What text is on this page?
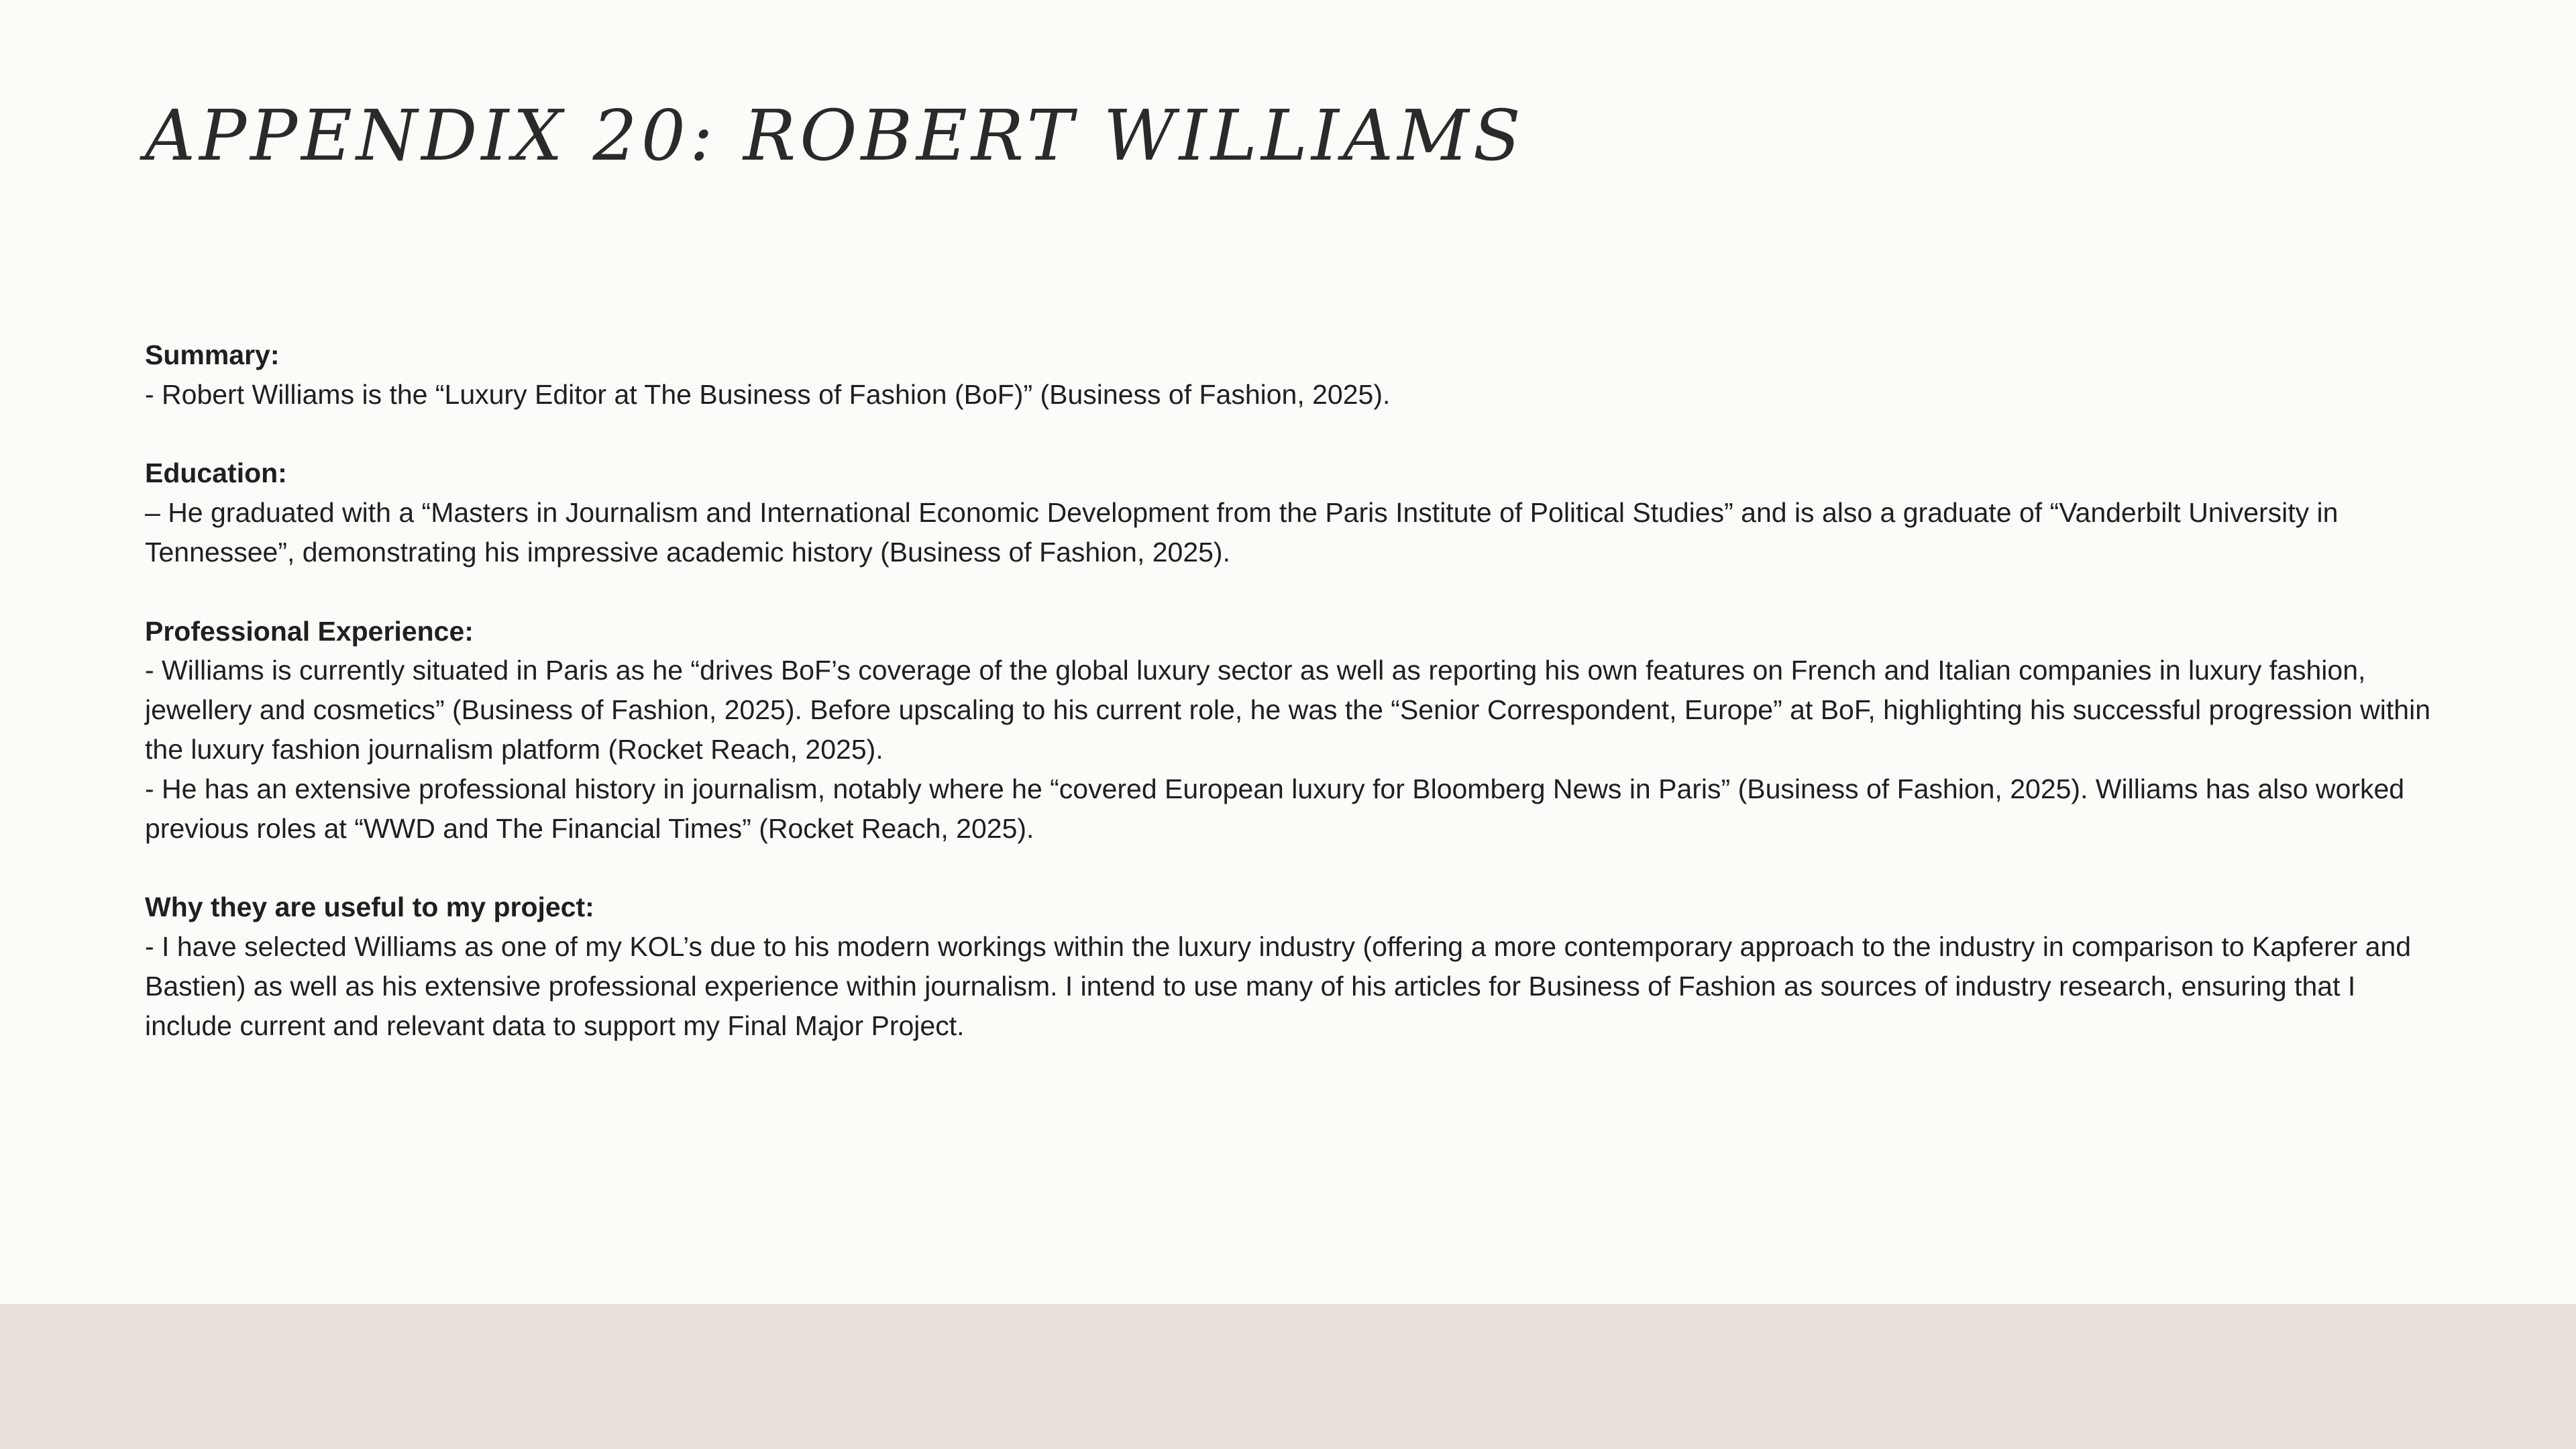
APPENDIX 20: ROBERT WILLIAMS
Summary:
- Robert Williams is the “Luxury Editor at The Business of Fashion (BoF)” (Business of Fashion, 2025).
Education:
– He graduated with a “Masters in Journalism and International Economic Development from the Paris Institute of Political Studies” and is also a graduate of “Vanderbilt University in Tennessee”, demonstrating his impressive academic history (Business of Fashion, 2025).
Professional Experience:
- Williams is currently situated in Paris as he “drives BoF’s coverage of the global luxury sector as well as reporting his own features on French and Italian companies in luxury fashion, jewellery and cosmetics” (Business of Fashion, 2025). Before upscaling to his current role, he was the “Senior Correspondent, Europe” at BoF, highlighting his successful progression within the luxury fashion journalism platform (Rocket Reach, 2025).
- He has an extensive professional history in journalism, notably where he “covered European luxury for Bloomberg News in Paris” (Business of Fashion, 2025). Williams has also worked previous roles at “WWD and The Financial Times” (Rocket Reach, 2025).
Why they are useful to my project:
- I have selected Williams as one of my KOL’s due to his modern workings within the luxury industry (offering a more contemporary approach to the industry in comparison to Kapferer and Bastien) as well as his extensive professional experience within journalism. I intend to use many of his articles for Business of Fashion as sources of industry research, ensuring that I include current and relevant data to support my Final Major Project.
